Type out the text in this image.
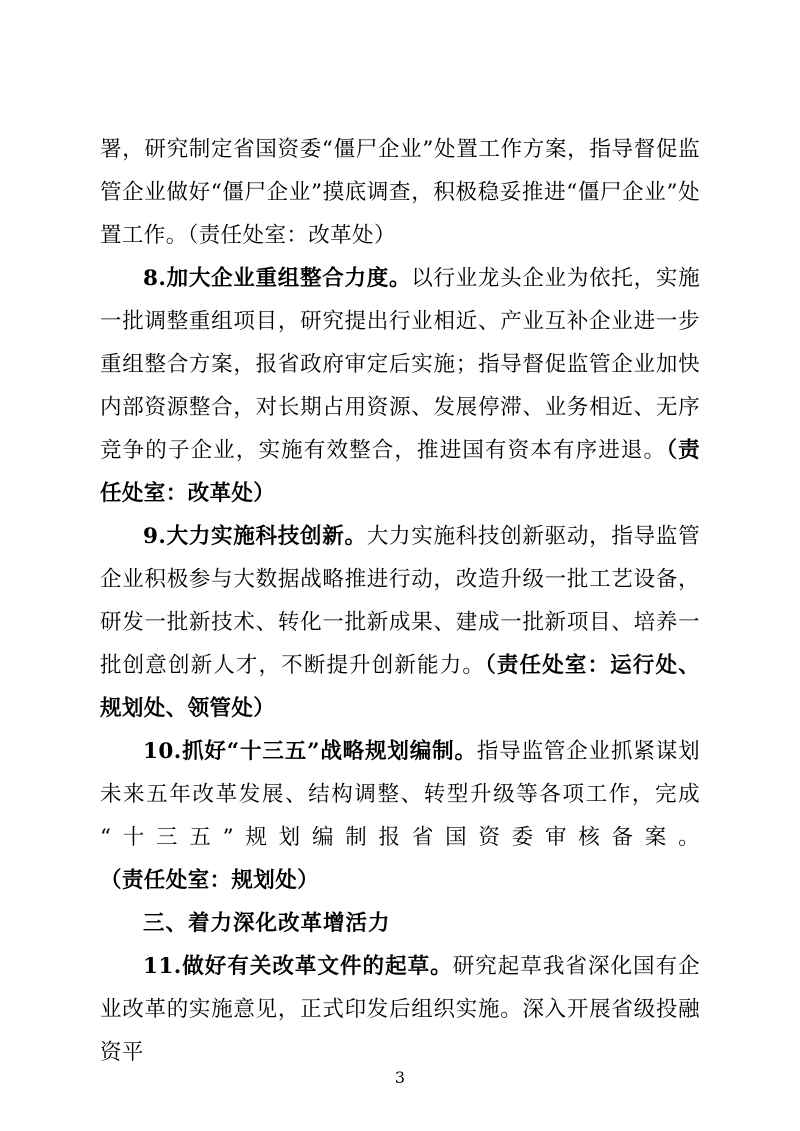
署，研究制定省国资委“僵尸企业”处置工作方案，指导督促监管企业做好“僵尸企业”摸底调查，积极稳妥推进“僵尸企业”处置工作。（责任处室：改革处）

8.加大企业重组整合力度。以行业龙头企业为依托，实施一批调整重组项目，研究提出行业相近、产业互补企业进一步重组整合方案，报省政府审定后实施；指导督促监管企业加快内部资源整合，对长期占用资源、发展停滞、业务相近、无序竞争的子企业，实施有效整合，推进国有资本有序进退。（责任处室：改革处）

9.大力实施科技创新。大力实施科技创新驱动，指导监管企业积极参与大数据战略推进行动，改造升级一批工艺设备，研发一批新技术、转化一批新成果、建成一批新项目、培养一批创意创新人才，不断提升创新能力。（责任处室：运行处、规划处、领管处）

10.抓好“十三五”战略规划编制。指导监管企业抓紧谋划未来五年改革发展、结构调整、转型升级等各项工作，完成“十三五”规划编制报省国资委审核备案。（责任处室：规划处）

三、着力深化改革增活力

11.做好有关改革文件的起草。研究起草我省深化国有企业改革的实施意见，正式印发后组织实施。深入开展省级投融资平

3
